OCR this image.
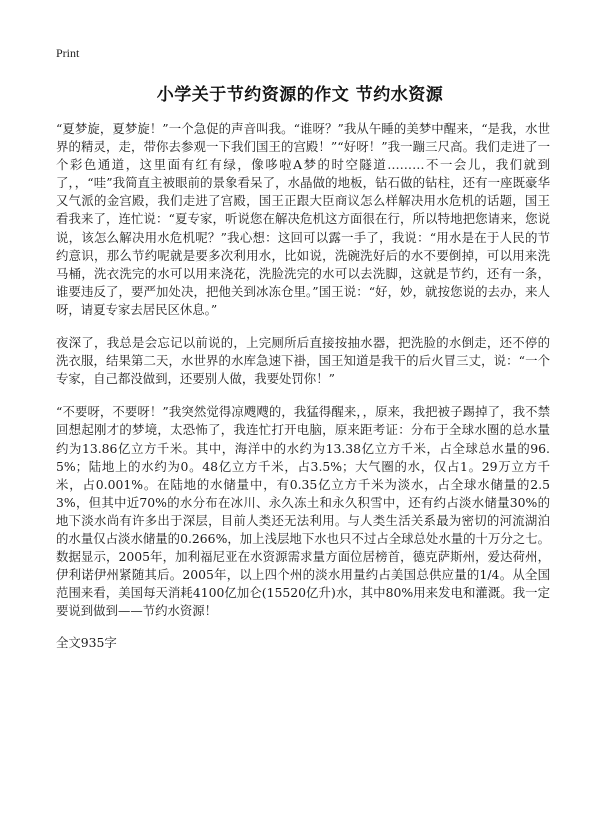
Print
小学关于节约资源的作文 节约水资源

“夏梦旋，夏梦旋！”一个急促的声音叫我。“谁呀？”我从午睡的美梦中醒来，“是我，水世界的精灵，走，带你去参观一下我们国王的宫殿！”“好呀！”我一蹦三尺高。我们走进了一个彩色通道，这里面有红有绿，像哆啦A梦的时空隧道………不一会儿，我们就到了，，“哇”我简直主被眼前的景象看呆了，水晶做的地板，钻石做的钻柱，还有一座既豪华又气派的金宫殿，我们走进了宫殿，国王正跟大臣商议怎么样解决用水危机的话题，国王看我来了，连忙说：“夏专家，听说您在解决危机这方面很在行，所以特地把您请来，您说说，该怎么解决用水危机呢？”我心想：这回可以露一手了，我说：“用水是在于人民的节约意识，那么节约呢就是要多次利用水，比如说，洗碗洗好后的水不要倒掉，可以用来洗马桶，洗衣洗完的水可以用来浇花，洗脸洗完的水可以去洗脚，这就是节约，还有一条，谁要违反了，要严加处决，把他关到冰冻仓里。”国王说：“好，妙，就按您说的去办，来人呀，请夏专家去居民区休息。”

夜深了，我总是会忘记以前说的，上完厕所后直接按抽水器，把洗脸的水倒走，还不停的洗衣服，结果第二天，水世界的水库急速下褂，国王知道是我干的后火冒三丈，说：“一个专家，自己都没做到，还要别人做，我要处罚你！”

“不要呀，不要呀！”我突然觉得凉飕飕的，我猛得醒来，，原来，我把被子踢掉了，我不禁回想起刚才的梦境，太恐怖了，我连忙打开电脑，原来距考证：分布于全球水圈的总水量约为13.86亿立方千米。其中，海洋中的水约为13.38亿立方千米，占全球总水量的96.5%；陆地上的水约为0。48亿立方千米，占3.5%；大气圈的水，仅占1。29万立方千米，占0.001%。在陆地的水储量中，有0.35亿立方千米为淡水，占全球水储量的2.53%，但其中近70%的水分布在冰川、永久冻土和永久积雪中，还有约占淡水储量30%的地下淡水尚有许多出于深层，目前人类还无法利用。与人类生活关系最为密切的河流湖泊的水量仅占淡水储量的0.266%，加上浅层地下水也只不过占全球总处水量的十万分之七。数据显示，2005年，加利福尼亚在水资源需求量方面位居榜首，德克萨斯州，爱达荷州，伊利诺伊州紧随其后。2005年，以上四个州的淡水用量约占美国总供应量的1/4。从全国范围来看，美国每天消耗4100亿加仑(15520亿升)水，其中80%用来发电和灌溉。我一定要说到做到——节约水资源！

全文935字
